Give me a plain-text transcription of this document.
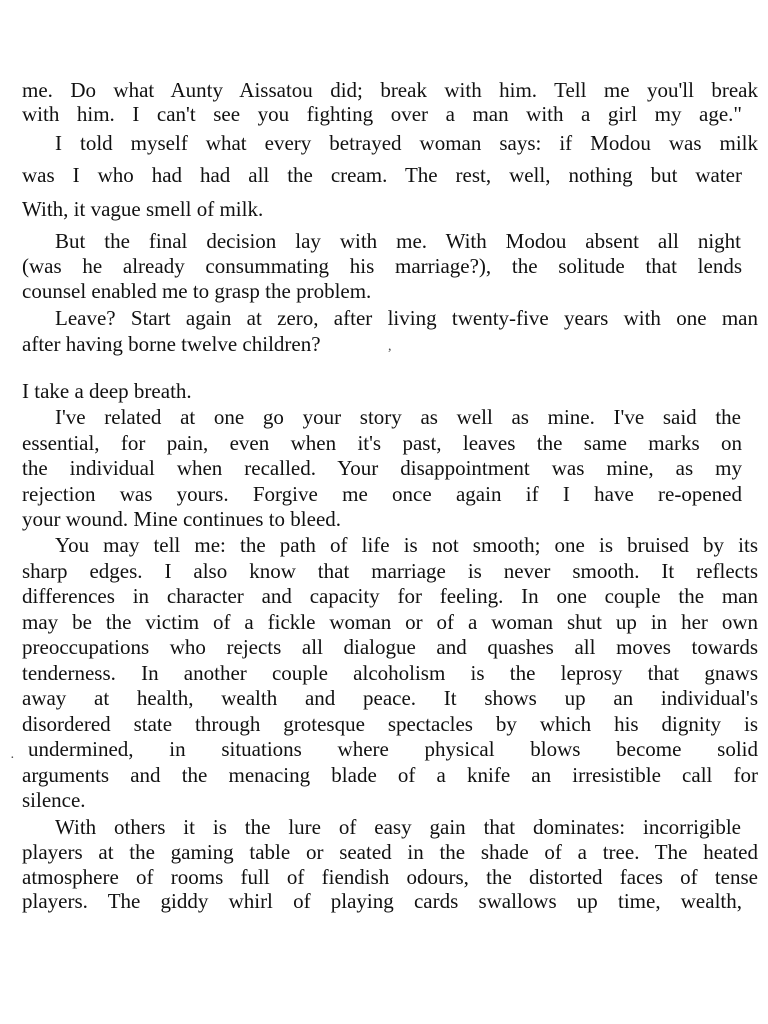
me. Do what Aunty Aissatou did; break with him. Tell me you'll break

with him. I can't see you fighting over a man with a girl my age."

I told myself what every betrayed woman says: if Modou was milk

was I who had had all the cream. The rest, well, nothing but water

With, it vague smell of milk.

But the final decision lay with me. With Modou absent all night

(was he already consummating his marriage?), the solitude that lends

counsel enabled me to grasp the problem.

Leave? Start again at zero, after living twenty-five years with one man

after having borne twelve children?	,

I take a deep breath.

I've related at one go your story as well as mine. I've said the

essential, for pain, even when it's past, leaves the same marks on

the individual when recalled. Your disappointment was mine, as my

rejection was yours. Forgive me once again if I have re-opened

your wound. Mine continues to bleed.

You may tell me: the path of life is not smooth; one is bruised by its

sharp edges. I also know that marriage is never smooth. It reflects

differences in character and capacity for feeling. In one couple the man

may be the victim of a fickle woman or of a woman shut up in her own

preoccupations who rejects all dialogue and quashes all moves towards

tenderness. In another couple alcoholism is the leprosy that gnaws

away at health, wealth and peace. It shows up an individual's

disordered state through grotesque spectacles by which his dignity is

· undermined, in situations where physical blows become solid

arguments and the menacing blade of a knife an irresistible call for

silence.

With others it is the lure of easy gain that dominates: incorrigible

players at the gaming table or seated in the shade of a tree. The heated

atmosphere of rooms full of fiendish odours, the distorted faces of tense

players. The giddy whirl of playing cards swallows up time, wealth,
